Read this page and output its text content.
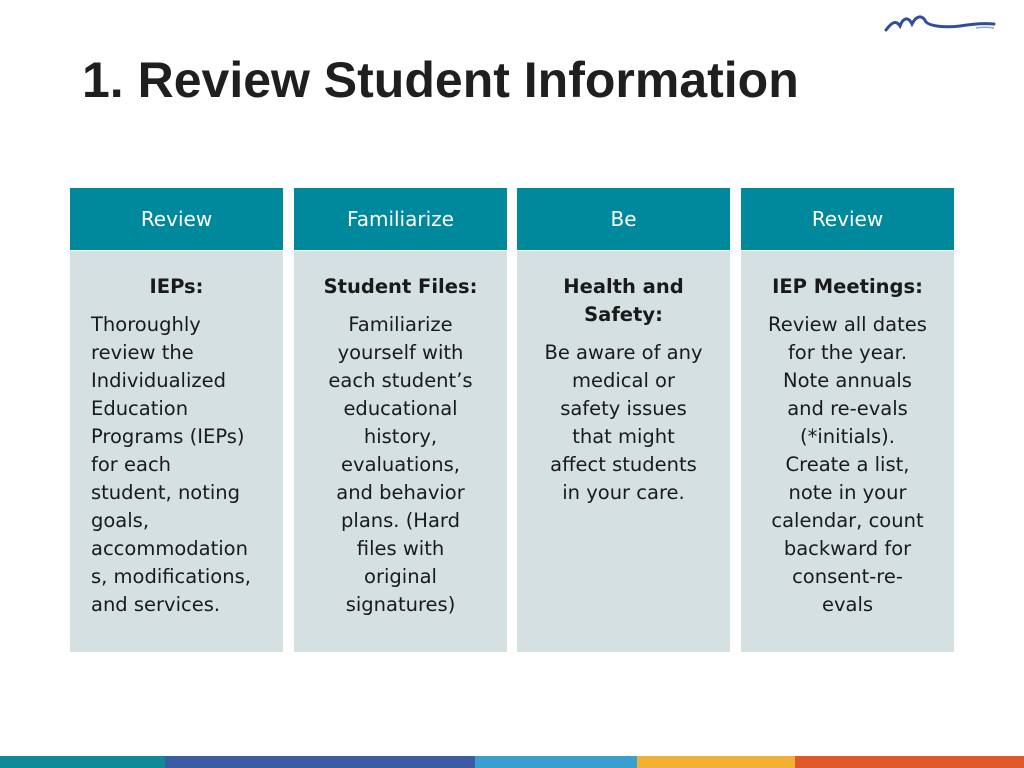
1. Review Student Information
Review
IEPs:
Thoroughly
review the
Individualized
Education
Programs (IEPs)
for each
student, noting
goals,
accommodation
s, modifications,
and services.
Familiarize
Student Files:
Familiarize
yourself with
each student’s
educational
history,
evaluations,
and behavior
plans. (Hard
files with
original
signatures)
Be
Health and
Safety:
Be aware of any
medical or
safety issues
that might
affect students
in your care.
Review
IEP Meetings:
Review all dates
for the year.
Note annuals
and re-evals
(*initials).
Create a list,
note in your
calendar, count
backward for
consent-re-
evals
